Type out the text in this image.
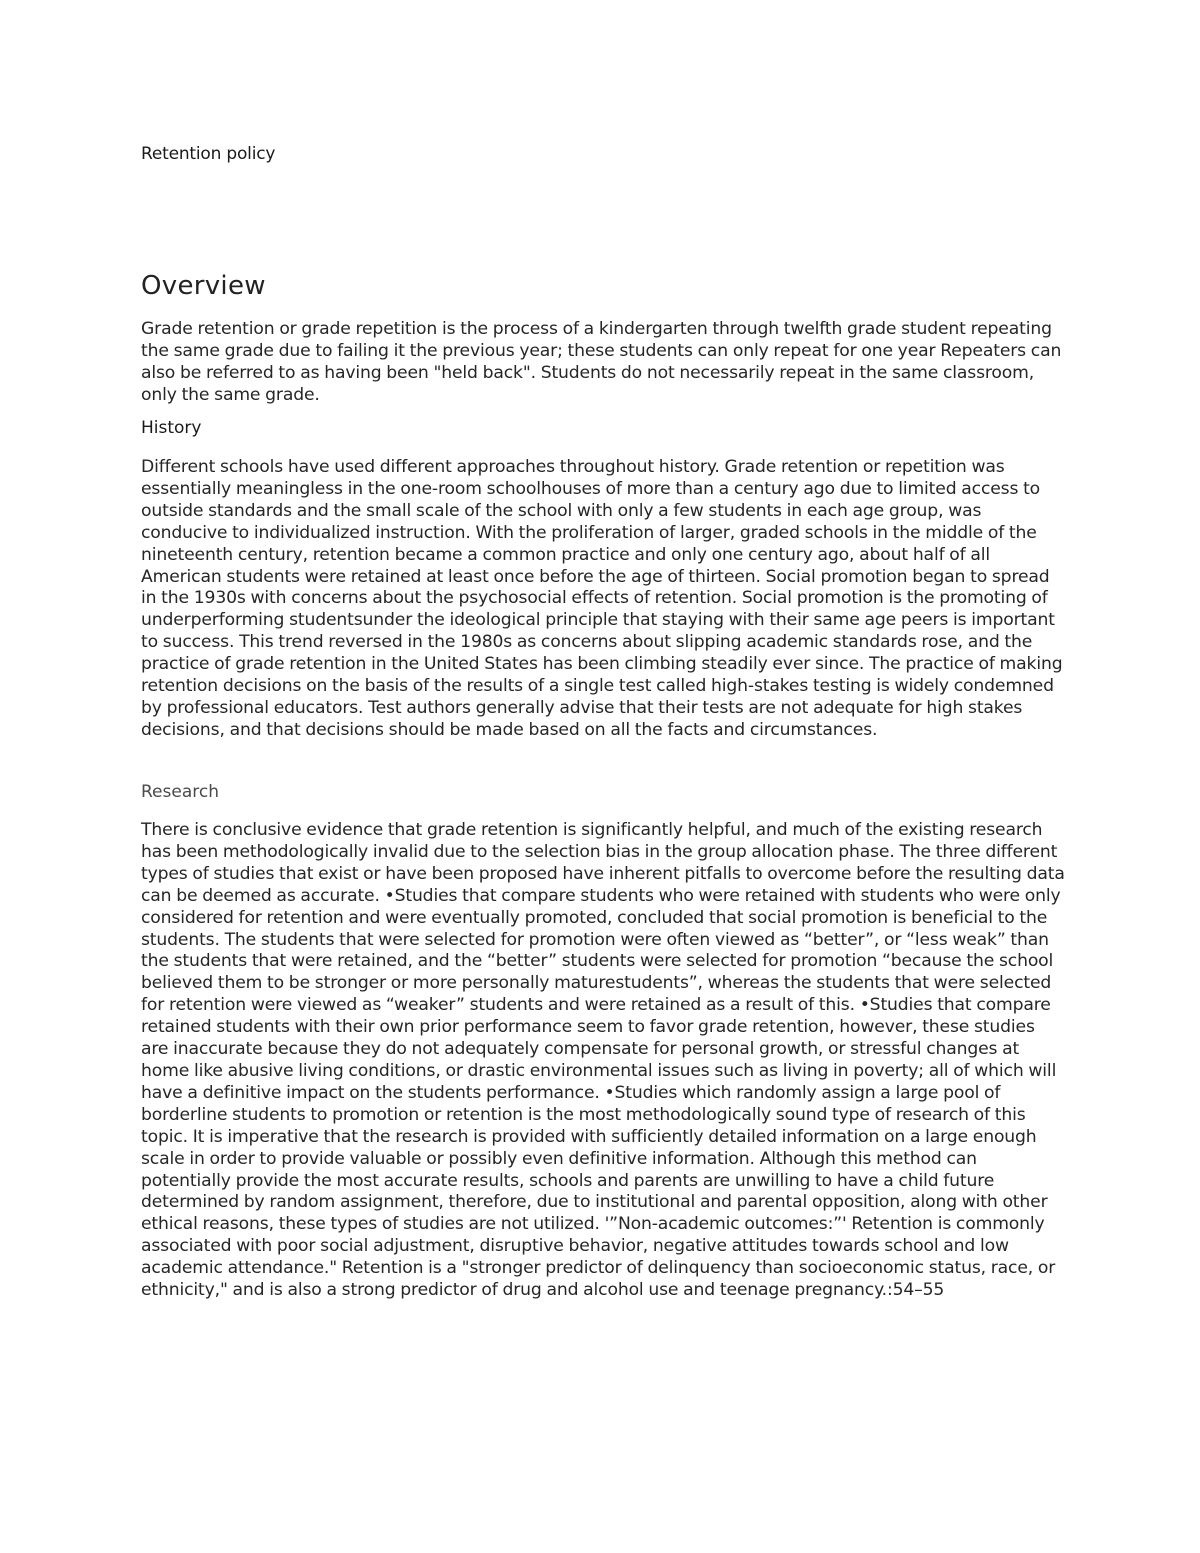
Retention policy
Overview

Grade retention or grade repetition is the process of a kindergarten through twelfth grade student repeating the same grade due to failing it the previous year; these students can only repeat for one year Repeaters can also be referred to as having been "held back". Students do not necessarily repeat in the same classroom, only the same grade.

History

Different schools have used different approaches throughout history. Grade retention or repetition was essentially meaningless in the one-room schoolhouses of more than a century ago due to limited access to outside standards and the small scale of the school with only a few students in each age group, was conducive to individualized instruction. With the proliferation of larger, graded schools in the middle of the nineteenth century, retention became a common practice and only one century ago, about half of all American students were retained at least once before the age of thirteen. Social promotion began to spread in the 1930s with concerns about the psychosocial effects of retention. Social promotion is the promoting of underperforming studentsunder the ideological principle that staying with their same age peers is important to success. This trend reversed in the 1980s as concerns about slipping academic standards rose, and the practice of grade retention in the United States has been climbing steadily ever since. The practice of making retention decisions on the basis of the results of a single test called high-stakes testing is widely condemned by professional educators. Test authors generally advise that their tests are not adequate for high stakes decisions, and that decisions should be made based on all the facts and circumstances.

Research

There is conclusive evidence that grade retention is significantly helpful, and much of the existing research has been methodologically invalid due to the selection bias in the group allocation phase. The three different types of studies that exist or have been proposed have inherent pitfalls to overcome before the resulting data can be deemed as accurate. •Studies that compare students who were retained with students who were only considered for retention and were eventually promoted, concluded that social promotion is beneficial to the students. The students that were selected for promotion were often viewed as “better”, or “less weak” than the students that were retained, and the “better” students were selected for promotion “because the school believed them to be stronger or more personally maturestudents”, whereas the students that were selected for retention were viewed as “weaker” students and were retained as a result of this. •Studies that compare retained students with their own prior performance seem to favor grade retention, however, these studies are inaccurate because they do not adequately compensate for personal growth, or stressful changes at home like abusive living conditions, or drastic environmental issues such as living in poverty; all of which will have a definitive impact on the students performance. •Studies which randomly assign a large pool of borderline students to promotion or retention is the most methodologically sound type of research of this topic. It is imperative that the research is provided with sufficiently detailed information on a large enough scale in order to provide valuable or possibly even definitive information. Although this method can potentially provide the most accurate results, schools and parents are unwilling to have a child future determined by random assignment, therefore, due to institutional and parental opposition, along with other ethical reasons, these types of studies are not utilized. '”Non-academic outcomes:”' Retention is commonly associated with poor social adjustment, disruptive behavior, negative attitudes towards school and low academic attendance." Retention is a "stronger predictor of delinquency than socioeconomic status, race, or ethnicity," and is also a strong predictor of drug and alcohol use and teenage pregnancy.:54–55
